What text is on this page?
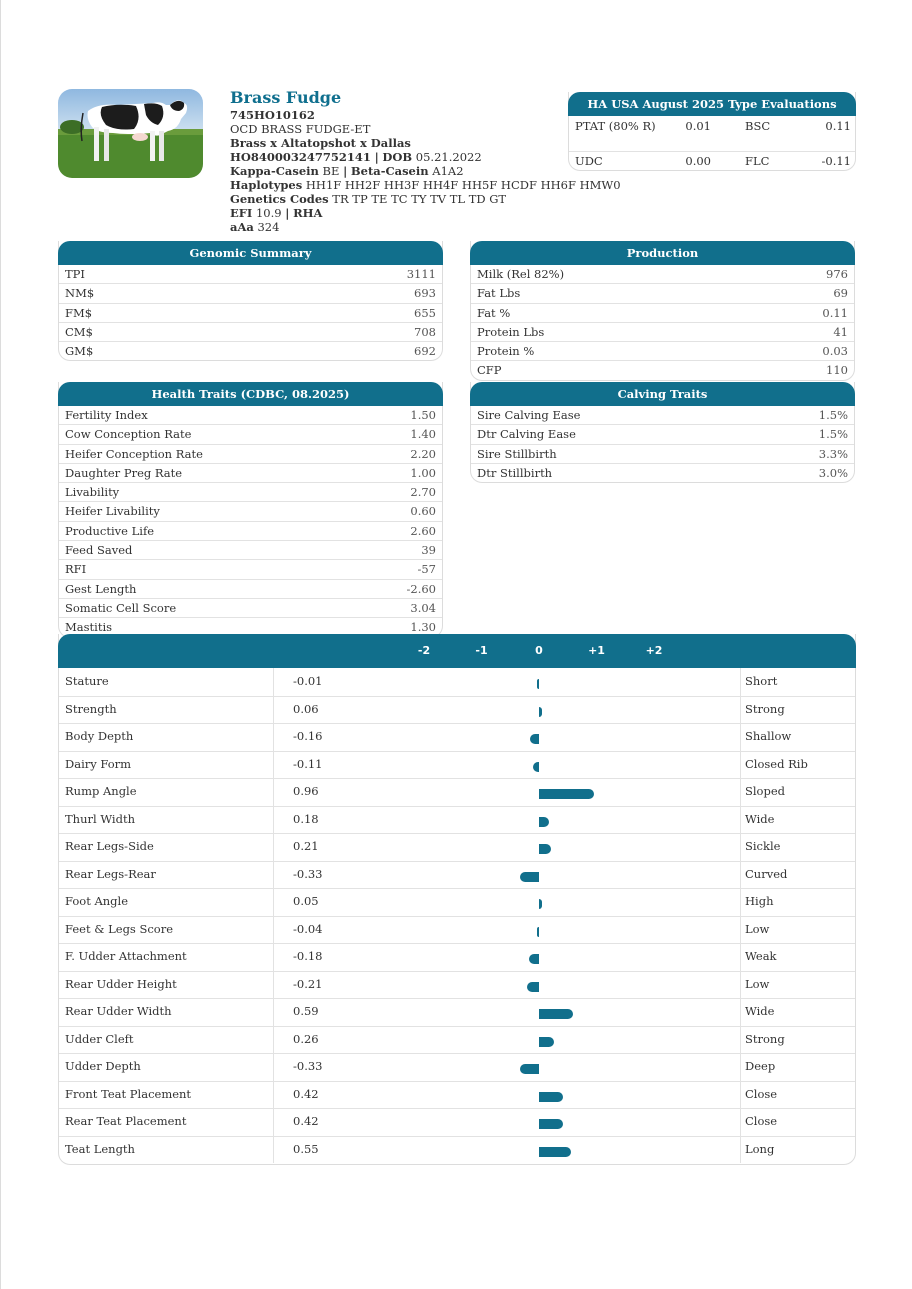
Brass Fudge
745HO10162
OCD BRASS FUDGE-ET
Brass x Altatopshot x Dallas
HO840003247752141 | DOB 05.21.2022
Kappa-Casein BE | Beta-Casein A1A2
Haplotypes HH1F HH2F HH3F HH4F HH5F HCDF HH6F HMW0
Genetics Codes TR TP TE TC TY TV TL TD GT
EFI 10.9 | RHA
aAa 324
HA USA August 2025 Type Evaluations
PTAT (80% R)	0.01	BSC	0.11
UDC	0.00	FLC	-0.11
Genomic Summary
TPI	3111
NM$	693
FM$	655
CM$	708
GM$	692
Production
Milk (Rel 82%)	976
Fat Lbs	69
Fat %	0.11
Protein Lbs	41
Protein %	0.03
CFP	110
Health Traits (CDBC, 08.2025)
Fertility Index	1.50
Cow Conception Rate	1.40
Heifer Conception Rate	2.20
Daughter Preg Rate	1.00
Livability	2.70
Heifer Livability	0.60
Productive Life	2.60
Feed Saved	39
RFI	-57
Gest Length	-2.60
Somatic Cell Score	3.04
Mastitis	1.30
Calving Traits
Sire Calving Ease	1.5%
Dtr Calving Ease	1.5%
Sire Stillbirth	3.3%
Dtr Stillbirth	3.0%
-2	-1	0	+1	+2
Stature	-0.01	Short
Strength	0.06	Strong
Body Depth	-0.16	Shallow
Dairy Form	-0.11	Closed Rib
Rump Angle	0.96	Sloped
Thurl Width	0.18	Wide
Rear Legs-Side	0.21	Sickle
Rear Legs-Rear	-0.33	Curved
Foot Angle	0.05	High
Feet & Legs Score	-0.04	Low
F. Udder Attachment	-0.18	Weak
Rear Udder Height	-0.21	Low
Rear Udder Width	0.59	Wide
Udder Cleft	0.26	Strong
Udder Depth	-0.33	Deep
Front Teat Placement	0.42	Close
Rear Teat Placement	0.42	Close
Teat Length	0.55	Long
